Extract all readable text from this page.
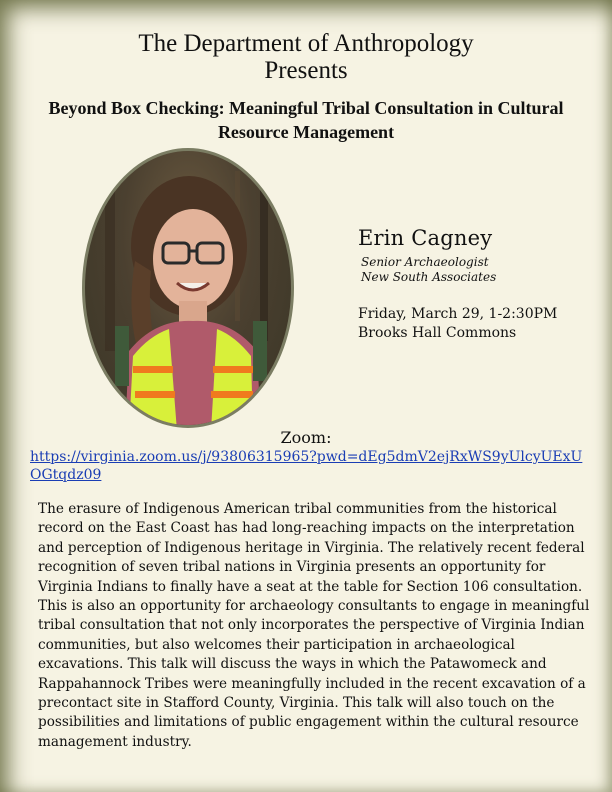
The Department of Anthropology
Presents
Beyond Box Checking: Meaningful Tribal Consultation in Cultural Resource Management
Erin Cagney
Senior Archaeologist
New South Associates
Friday, March 29, 1-2:30PM
Brooks Hall Commons
Zoom:
https://virginia.zoom.us/j/93806315965?pwd=dEg5dmV2ejRxWS9yUlcyUExUOGtqdz09
The erasure of Indigenous American tribal communities from the historical record on the East Coast has had long-reaching impacts on the interpretation and perception of Indigenous heritage in Virginia. The relatively recent federal recognition of seven tribal nations in Virginia presents an opportunity for Virginia Indians to finally have a seat at the table for Section 106 consultation. This is also an opportunity for archaeology consultants to engage in meaningful tribal consultation that not only incorporates the perspective of Virginia Indian communities, but also welcomes their participation in archaeological excavations. This talk will discuss the ways in which the Patawomeck and Rappahannock Tribes were meaningfully included in the recent excavation of a precontact site in Stafford County, Virginia. This talk will also touch on the possibilities and limitations of public engagement within the cultural resource management industry.
